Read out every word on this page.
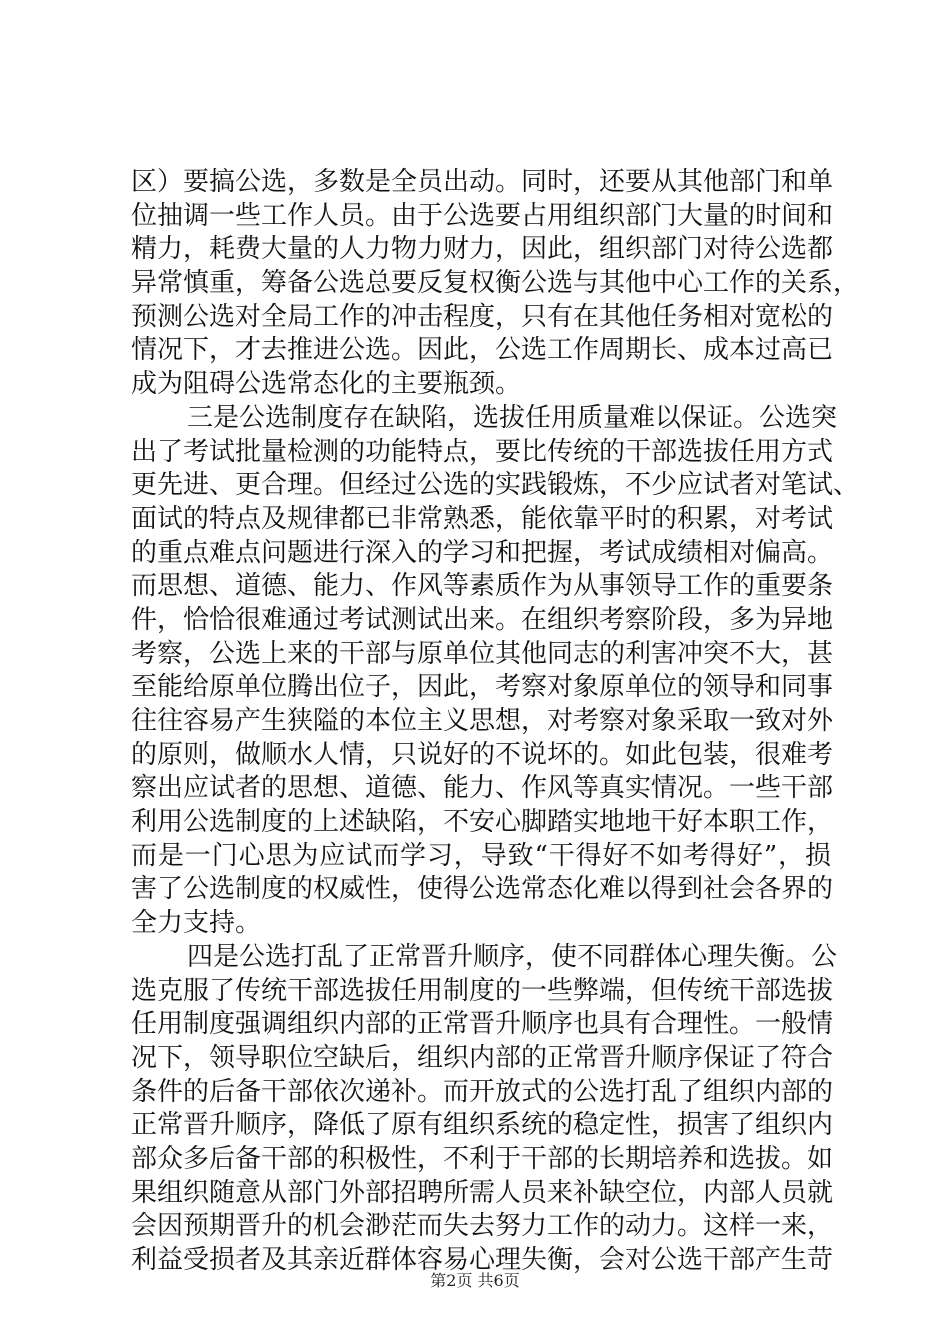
区）要搞公选，多数是全员出动。同时，还要从其他部门和单
位抽调一些工作人员。由于公选要占用组织部门大量的时间和
精力，耗费大量的人力物力财力，因此，组织部门对待公选都
异常慎重，筹备公选总要反复权衡公选与其他中心工作的关系，
预测公选对全局工作的冲击程度，只有在其他任务相对宽松的
情况下，才去推进公选。因此，公选工作周期长、成本过高已
成为阻碍公选常态化的主要瓶颈。
三是公选制度存在缺陷，选拔任用质量难以保证。公选突
出了考试批量检测的功能特点，要比传统的干部选拔任用方式
更先进、更合理。但经过公选的实践锻炼，不少应试者对笔试、
面试的特点及规律都已非常熟悉，能依靠平时的积累，对考试
的重点难点问题进行深入的学习和把握，考试成绩相对偏高。
而思想、道德、能力、作风等素质作为从事领导工作的重要条
件，恰恰很难通过考试测试出来。在组织考察阶段，多为异地
考察，公选上来的干部与原单位其他同志的利害冲突不大，甚
至能给原单位腾出位子，因此，考察对象原单位的领导和同事
往往容易产生狭隘的本位主义思想，对考察对象采取一致对外
的原则，做顺水人情，只说好的不说坏的。如此包装，很难考
察出应试者的思想、道德、能力、作风等真实情况。一些干部
利用公选制度的上述缺陷，不安心脚踏实地地干好本职工作，
而是一门心思为应试而学习，导致“干得好不如考得好”，损
害了公选制度的权威性，使得公选常态化难以得到社会各界的
全力支持。
四是公选打乱了正常晋升顺序，使不同群体心理失衡。公
选克服了传统干部选拔任用制度的一些弊端，但传统干部选拔
任用制度强调组织内部的正常晋升顺序也具有合理性。一般情
况下，领导职位空缺后，组织内部的正常晋升顺序保证了符合
条件的后备干部依次递补。而开放式的公选打乱了组织内部的
正常晋升顺序，降低了原有组织系统的稳定性，损害了组织内
部众多后备干部的积极性，不利于干部的长期培养和选拔。如
果组织随意从部门外部招聘所需人员来补缺空位，内部人员就
会因预期晋升的机会渺茫而失去努力工作的动力。这样一来，
利益受损者及其亲近群体容易心理失衡，会对公选干部产生苛
第2页 共6页
